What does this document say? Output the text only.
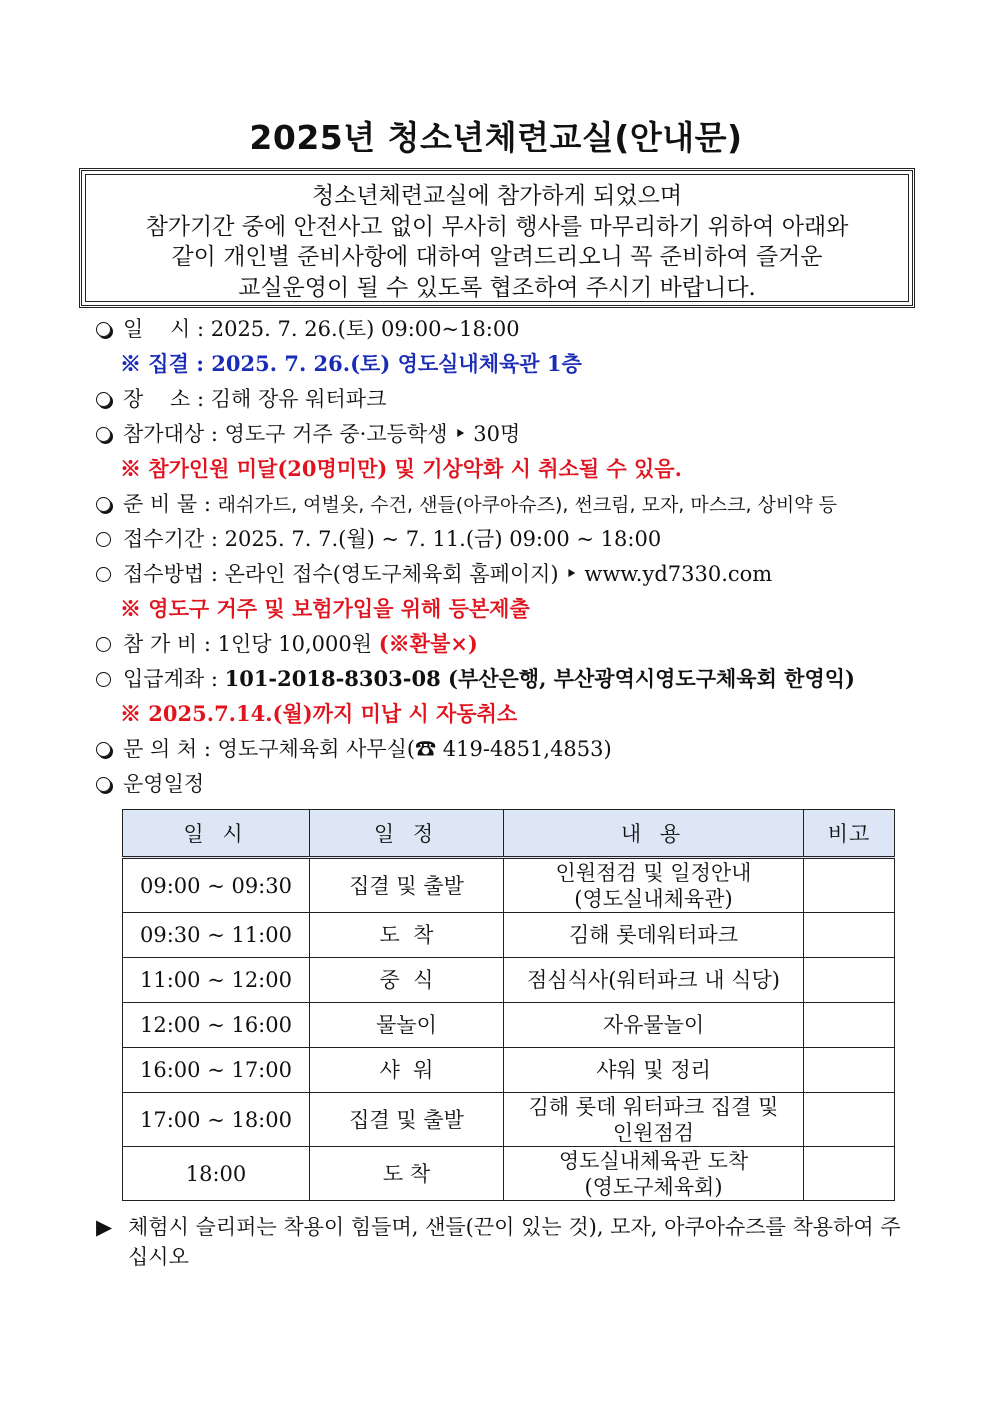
2025년 청소년체련교실(안내문)
청소년체련교실에 참가하게 되었으며
참가기간 중에 안전사고 없이 무사히 행사를 마무리하기 위하여 아래와
같이 개인별 준비사항에 대하여 알려드리오니 꼭 준비하여 즐거운
교실운영이 될 수 있도록 협조하여 주시기 바랍니다.
일    시 : 2025. 7. 26.(토) 09:00~18:00
※ 집결 : 2025. 7. 26.(토) 영도실내체육관 1층
장    소 : 김해 장유 워터파크
참가대상 : 영도구 거주 중·고등학생 ‣ 30명
※ 참가인원 미달(20명미만) 및 기상악화 시 취소될 수 있음.
준 비 물 : 래쉬가드, 여벌옷, 수건, 샌들(아쿠아슈즈), 썬크림, 모자, 마스크, 상비약 등
접수기간 : 2025. 7. 7.(월) ~ 7. 11.(금) 09:00 ~ 18:00
접수방법 : 온라인 접수(영도구체육회 홈페이지) ‣ www.yd7330.com
※ 영도구 거주 및 보험가입을 위해 등본제출
참 가 비 : 1인당 10,000원 (※환불×)
입급계좌 : 101-2018-8303-08 (부산은행, 부산광역시영도구체육회 한영익)
※ 2025.7.14.(월)까지 미납 시 자동취소
문 의 처 : 영도구체육회 사무실(☎ 419-4851,4853)
운영일정
일 시	일 정	내 용	비고
09:00 ~ 09:30	집결 및 출발	인원점검 및 일정안내
(영도실내체육관)	

09:30 ~ 11:00	도  착	김해 롯데워터파크	

11:00 ~ 12:00	중  식	점심식사(워터파크 내 식당)	

12:00 ~ 16:00	물놀이	자유물놀이	

16:00 ~ 17:00	샤  워	샤워 및 정리	

17:00 ~ 18:00	집결 및 출발	김해 롯데 워터파크 집결 및
인원점검	

18:00	도 착	영도실내체육관 도착
(영도구체육회)	

▶ 체험시 슬리퍼는 착용이 힘들며, 샌들(끈이 있는 것), 모자, 아쿠아슈즈를 착용하여 주십시오
